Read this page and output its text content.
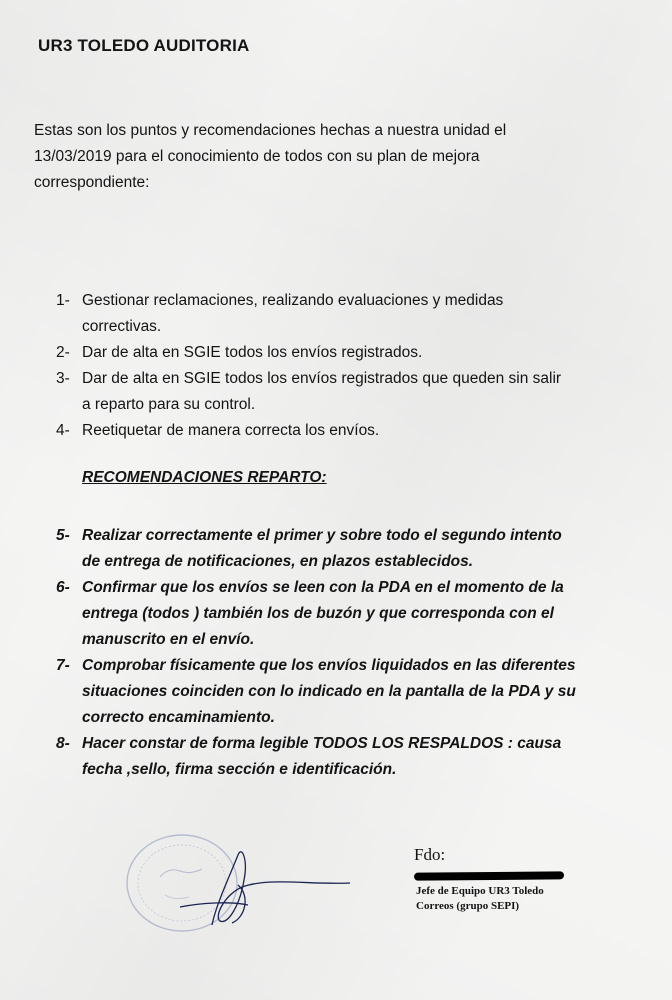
UR3 TOLEDO AUDITORIA
Estas son los puntos y recomendaciones hechas a nuestra unidad el
13/03/2019 para el conocimiento de todos con su plan de mejora
correspondiente:
1- Gestionar reclamaciones, realizando evaluaciones y medidas
correctivas.
2- Dar de alta en SGIE todos los envíos registrados.
3- Dar de alta en SGIE todos los envíos registrados que queden sin salir
a reparto para su control.
4- Reetiquetar de manera correcta los envíos.
RECOMENDACIONES REPARTO:
5- Realizar correctamente el primer y sobre todo el segundo intento
de entrega de notificaciones, en plazos establecidos.
6- Confirmar que los envíos se leen con la PDA en el momento de la
entrega (todos ) también los de buzón y que corresponda con el
manuscrito en el envío.
7- Comprobar físicamente que los envíos liquidados en las diferentes
situaciones coinciden con lo indicado en la pantalla de la PDA y su
correcto encaminamiento.
8- Hacer constar de forma legible TODOS LOS RESPALDOS : causa
fecha ,sello, firma sección e identificación.
Fdo:
Jefe de Equipo UR3 Toledo
Correos (grupo SEPI)
